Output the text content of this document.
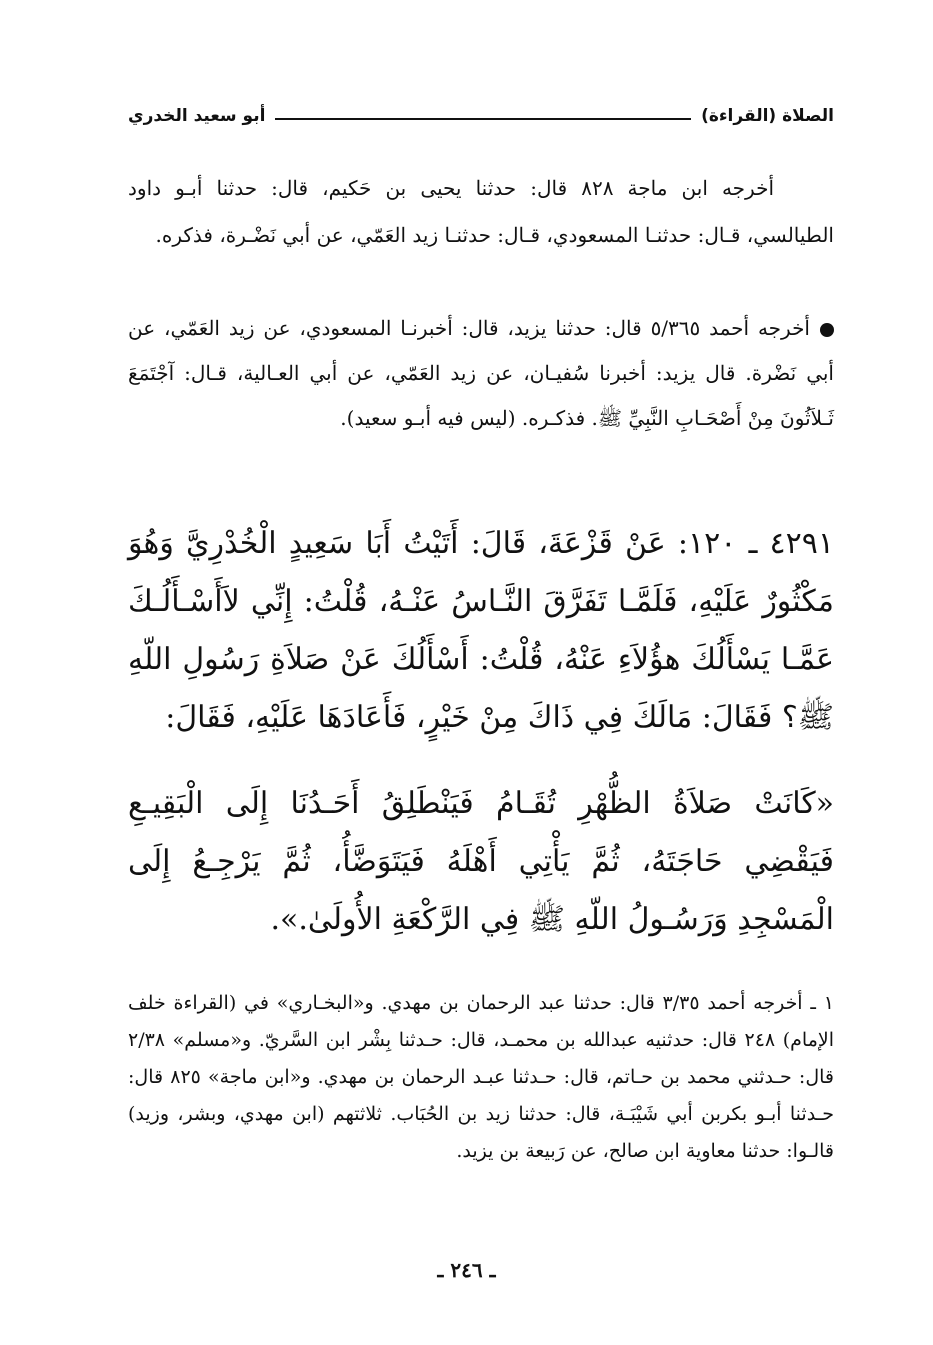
الصلاة (القراءة)
أبو سعيد الخدري

أخرجه ابن ماجة ٨٢٨ قال: حدثنا يحيى بن حَكيم، قال: حدثنا أبـو داود الطيالسي، قـال: حدثنـا المسعودي، قـال: حدثنـا زيد العَمّي، عن أبي نَضْـرة، فذكره.

أخرجه أحمد ٥/٣٦٥ قال: حدثنا يزيد، قال: أخبرنـا المسعودي، عن زيد العَمّي، عن أبي نَضْرة. قال يزيد: أخبرنا سُفيـان، عن زيد العَمّي، عن أبي العـالية، قـال: آجْتَمَعَ ثَـلاَثُونَ مِنْ أَصْحَـابِ النَّبِيِّ ﷺ. فذكـره. (ليس فيه أبـو سعيد).

٤٢٩١ ـ ١٢٠: عَنْ قَزْعَةَ، قَالَ: أَتَيْتُ أَبَا سَعِيدٍ الْخُدْرِيَّ وَهُوَ مَكْثُورٌ عَلَيْهِ، فَلَمَّـا تَفَرَّقَ النَّـاسُ عَنْـهُ، قُلْتُ: إِنِّي لاَأَسْـأَلُـكَ عَمَّـا يَسْأَلُكَ هؤُلاَءِ عَنْهُ، قُلْتُ: أَسْأَلُكَ عَنْ صَلاَةِ رَسُولِ اللّهِ ﷺ؟ فَقَالَ: مَالَكَ فِي ذَاكَ مِنْ خَيْرٍ، فَأَعَادَهَا عَلَيْهِ، فَقَالَ:

«كَانَتْ صَلاَةُ الظُّهْرِ تُقَـامُ فَيَنْطَلِقُ أَحَـدُنَا إِلَى الْبَقِيـعِ فَيَقْضِي حَاجَتَهُ، ثُمَّ يَأْتِي أَهْلَهُ فَيَتَوَضَّأُ، ثُمَّ يَرْجِـعُ إِلَى الْمَسْجِدِ وَرَسُـولُ اللّهِ ﷺ فِي الرَّكْعَةِ الأُولَىٰ.».

١ ـ أخرجه أحمد ٣/٣٥ قال: حدثنا عبد الرحمان بن مهدي. و«البخـاري» في (القراءة خلف الإمام) ٢٤٨ قال: حدثنيه عبدالله بن محمـد، قال: حـدثنا بِشْر ابن السَّريّ. و«مسلم» ٢/٣٨ قال: حـدثني محمد بن حـاتم، قال: حـدثنا عبـد الرحمان بن مهدي. و«ابن ماجة» ٨٢٥ قال: حـدثنا أبـو بكربن أبي شَيْبَـة، قال: حدثنا زيد بن الحُبَاب. ثلاثتهم (ابن مهدي، وبشر، وزيد) قالـوا: حدثنا معاوية ابن صالح، عن رَبيعة بن يزيد.

ـ ٢٤٦ ـ
